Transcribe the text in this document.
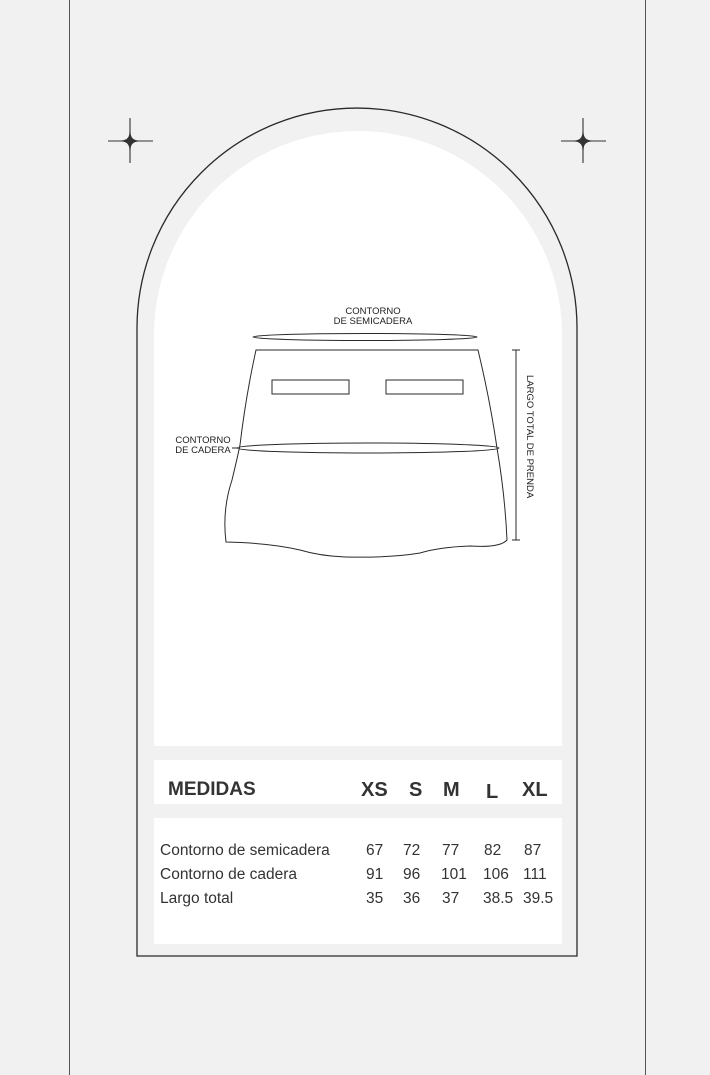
CONTORNO
DE SEMICADERA
CONTORNO
DE CADERA	LARGO TOTAL DE PRENDA
MEDIDAS	XS S M L XL
Contorno de semicadera 67 72 77 82 87
Contorno de cadera	91 96 101 106 111
Largo total	35 36 37 38.5 39.5
